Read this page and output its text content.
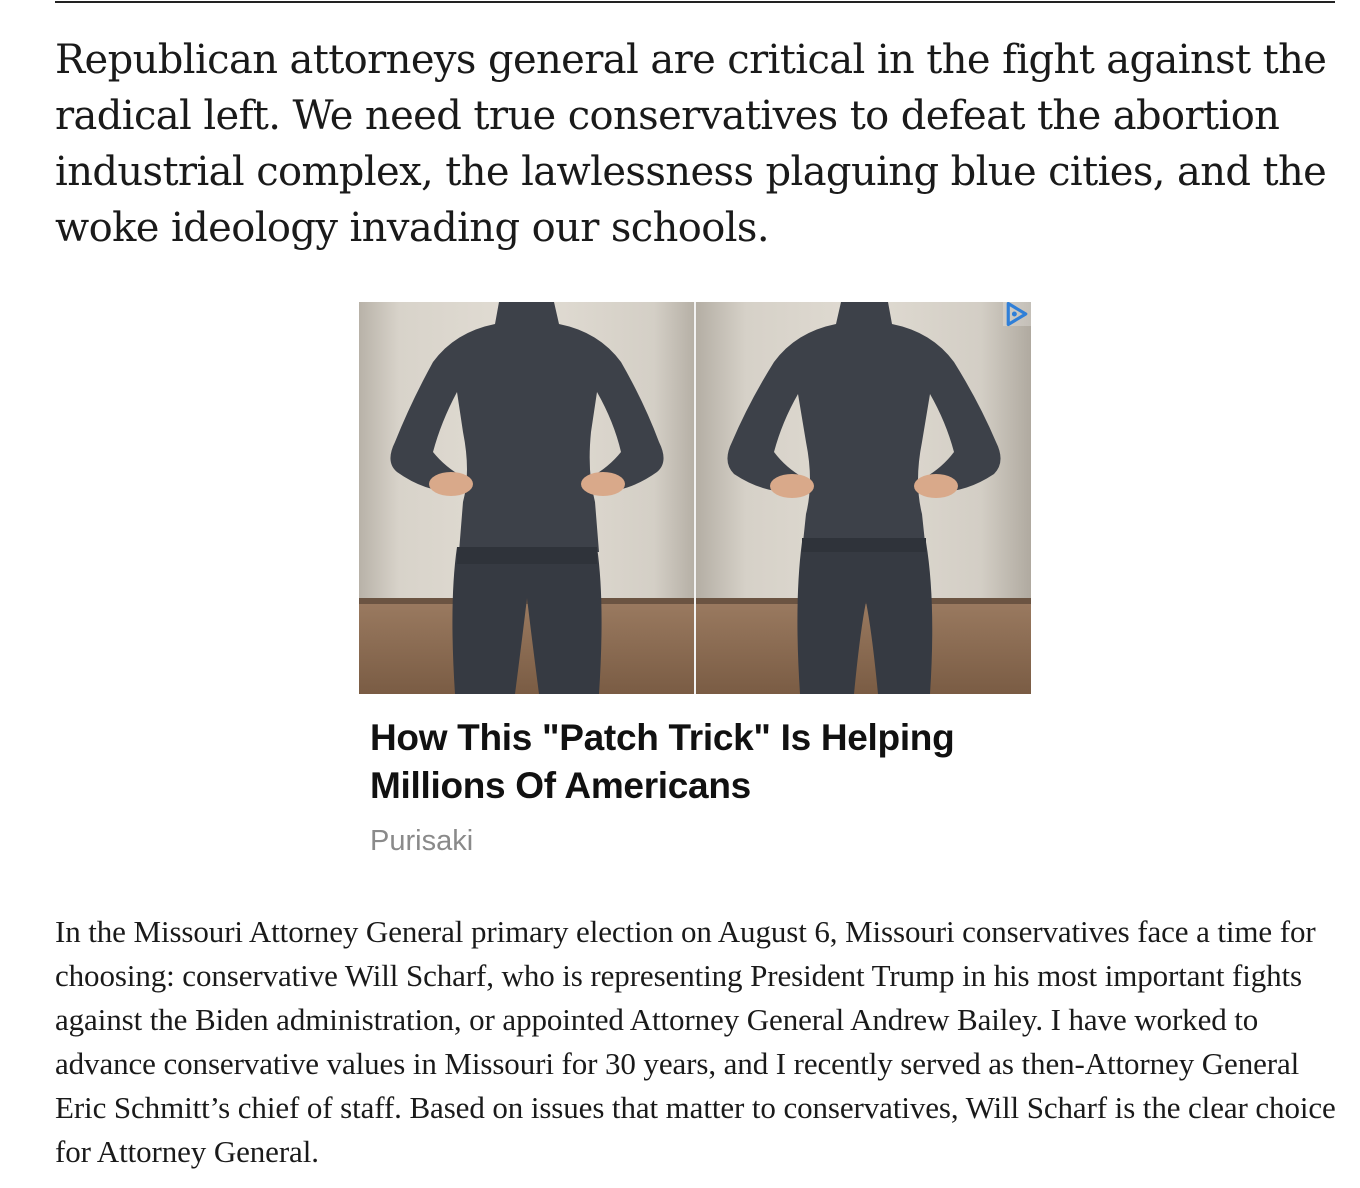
Republican attorneys general are critical in the fight against the radical left. We need true conservatives to defeat the abortion industrial complex, the lawlessness plaguing blue cities, and the woke ideology invading our schools.

How This "Patch Trick" Is Helping Millions Of Americans
Purisaki

In the Missouri Attorney General primary election on August 6, Missouri conservatives face a time for choosing: conservative Will Scharf, who is representing President Trump in his most important fights against the Biden administration, or appointed Attorney General Andrew Bailey. I have worked to advance conservative values in Missouri for 30 years, and I recently served as then-Attorney General Eric Schmitt’s chief of staff. Based on issues that matter to conservatives, Will Scharf is the clear choice for Attorney General.
